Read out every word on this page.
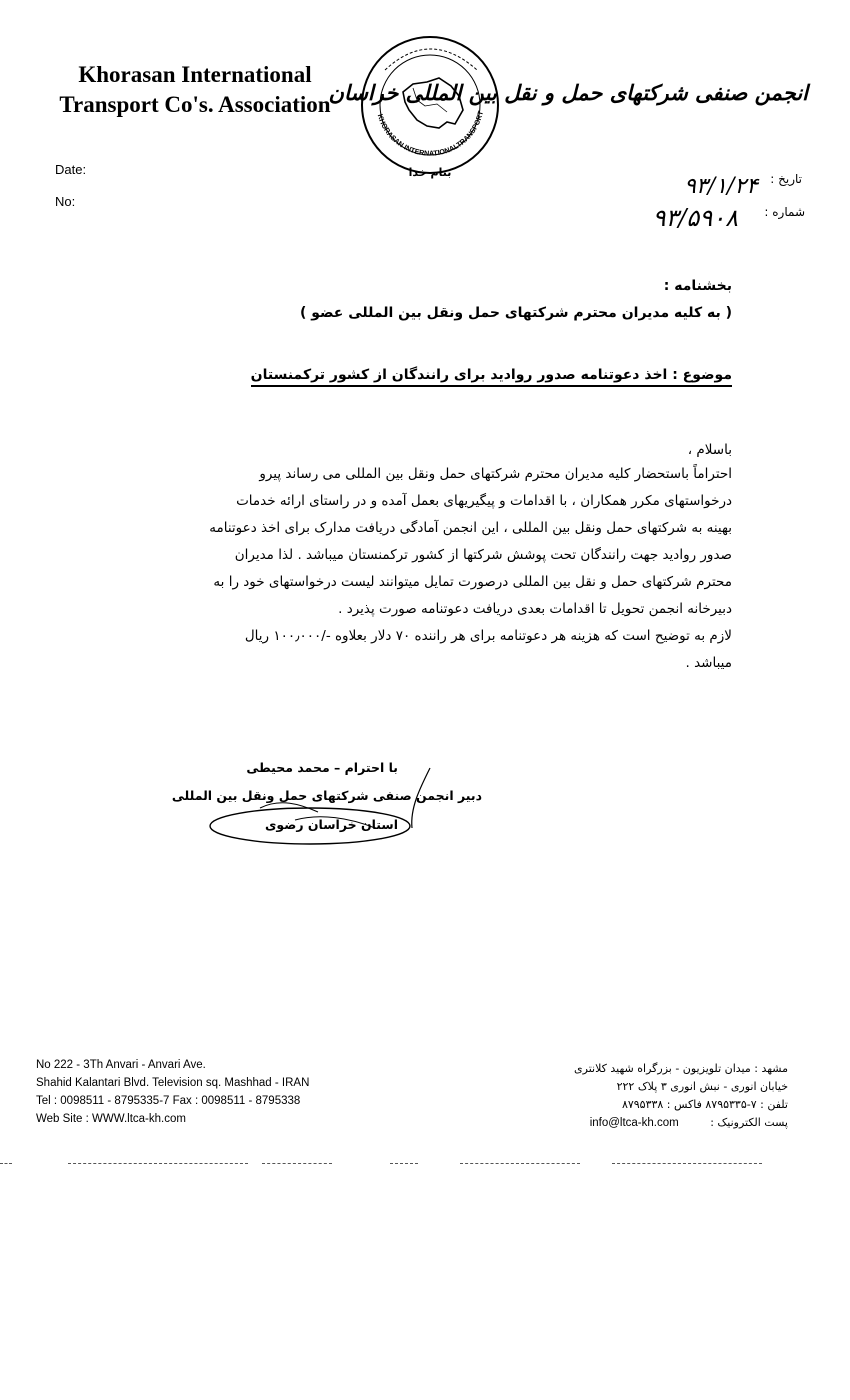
Khorasan International
Transport Co's. Association	KHORASAN INTERNATIONALTRANSPORT
بنام خدا
انجمن صنفی شرکتهای حمل و نقل بین المللی خراسان
Date:
No:
تاریخ :
شماره :
۹۳/۱/۲۴
۹۳/۵۹۰۸
بخشنامه :
( به کلیه مدیران محترم شرکتهای حمل ونقل بین المللی عضو )
موضوع : اخذ دعوتنامه صدور روادید برای رانندگان از کشور ترکمنستان
باسلام ،
احتراماً باستحضار کلیه مدیران محترم شرکتهای حمل ونقل بین المللی می رساند پیرو
درخواستهای مکرر همکاران ، با اقدامات و پیگیریهای بعمل آمده و در راستای ارائه خدمات
بهینه به شرکتهای حمل ونقل بین المللی ، این انجمن آمادگی دریافت مدارک برای اخذ دعوتنامه
صدور روادید جهت رانندگان تحت پوشش شرکتها از کشور ترکمنستان میباشد . لذا مدیران
محترم شرکتهای حمل و نقل بین المللی درصورت تمایل میتوانند لیست درخواستهای خود را به
دبیرخانه انجمن تحویل تا اقدامات بعدی دریافت دعوتنامه صورت پذیرد .
لازم به توضیح است که هزینه هر دعوتنامه برای هر راننده ۷۰ دلار بعلاوه -/۱۰۰٫۰۰۰ ریال
میباشد .
با احترام – محمد محیطی
دبیر انجمن صنفی شرکتهای حمل ونقل بین المللی
استان خراسان رضوی
No 222 - 3Th Anvari - Anvari Ave.
Shahid Kalantari Blvd. Television sq. Mashhad - IRAN
Tel : 0098511 - 8795335-7 Fax : 0098511 - 8795338
Web Site : WWW.ltca-kh.com
مشهد : میدان تلویزیون - بزرگراه شهید کلانتری
خیابان انوری - نبش انوری ۳ پلاک ۲۲۲
تلفن : ۷-۸۷۹۵۳۳۵ فاکس : ۸۷۹۵۳۳۸
پست الکترونیک : info@ltca-kh.com
